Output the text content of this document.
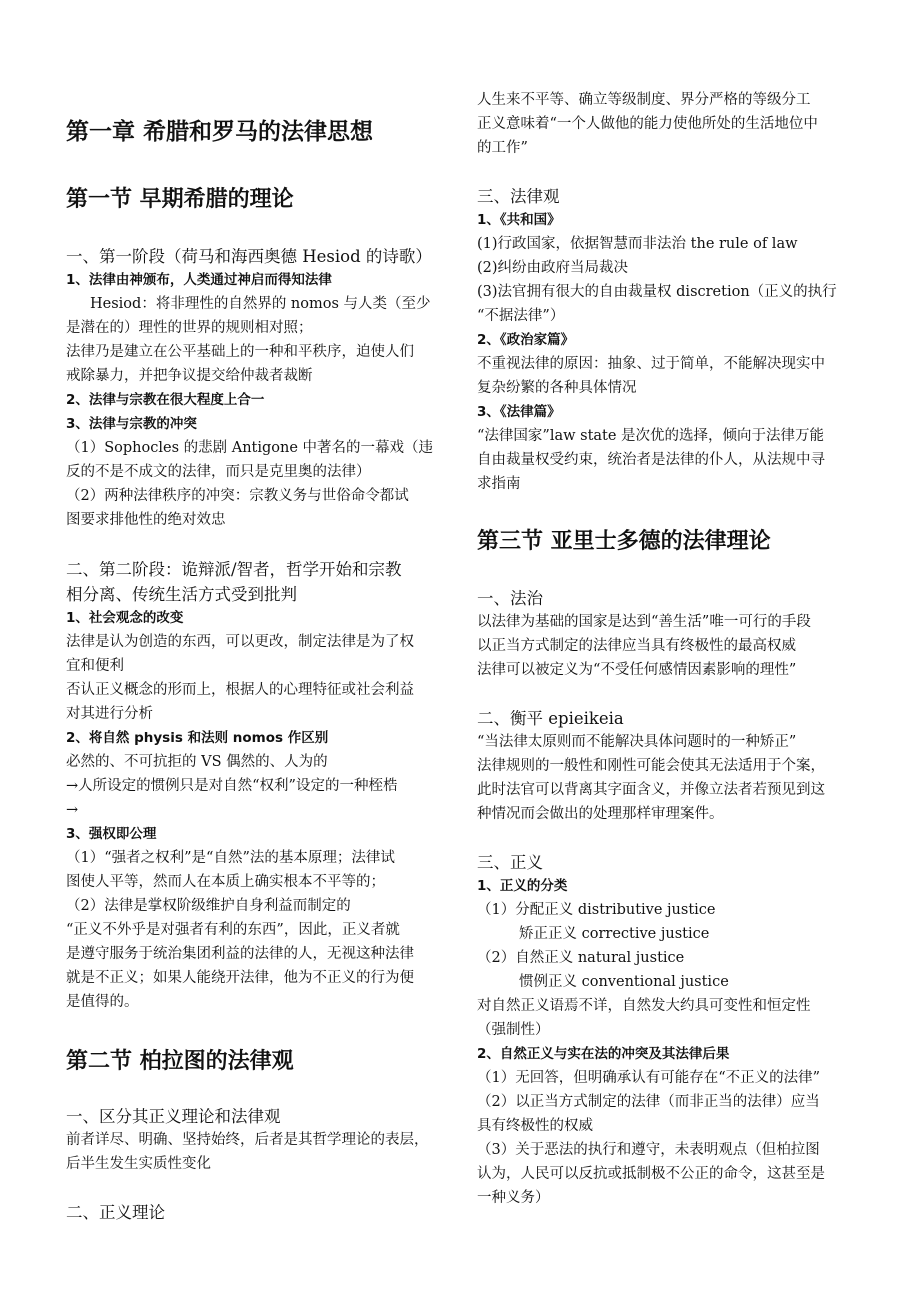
第一章 希腊和罗马的法律思想
第一节 早期希腊的理论
一、第一阶段（荷马和海西奥德 Hesiod 的诗歌）
1、法律由神颁布，人类通过神启而得知法律
Hesiod：将非理性的自然界的 nomos 与人类（至少
是潜在的）理性的世界的规则相对照；
法律乃是建立在公平基础上的一种和平秩序，迫使人们
戒除暴力，并把争议提交给仲裁者裁断
2、法律与宗教在很大程度上合一
3、法律与宗教的冲突
（1）Sophocles 的悲剧 Antigone 中著名的一幕戏（违
反的不是不成文的法律，而只是克里奥的法律）
（2）两种法律秩序的冲突：宗教义务与世俗命令都试
图要求排他性的绝对效忠
二、第二阶段：诡辩派/智者，哲学开始和宗教
相分离、传统生活方式受到批判
1、社会观念的改变
法律是认为创造的东西，可以更改，制定法律是为了权
宜和便利
否认正义概念的形而上，根据人的心理特征或社会利益
对其进行分析
2、将自然 physis 和法则 nomos 作区别
必然的、不可抗拒的 VS 偶然的、人为的
→人所设定的惯例只是对自然“权利”设定的一种桎梏
→
3、强权即公理
（1）“强者之权利”是“自然”法的基本原理；法律试
图使人平等，然而人在本质上确实根本不平等的；
（2）法律是掌权阶级维护自身利益而制定的
“正义不外乎是对强者有利的东西”，因此，正义者就
是遵守服务于统治集团利益的法律的人，无视这种法律
就是不正义；如果人能绕开法律，他为不正义的行为便
是值得的。
第二节 柏拉图的法律观
一、区分其正义理论和法律观
前者详尽、明确、坚持始终，后者是其哲学理论的表层，
后半生发生实质性变化
二、正义理论
人生来不平等、确立等级制度、界分严格的等级分工
正义意味着“一个人做他的能力使他所处的生活地位中
的工作”
三、法律观
1、《共和国》
(1)行政国家，依据智慧而非法治 the rule of law
(2)纠纷由政府当局裁决
(3)法官拥有很大的自由裁量权 discretion（正义的执行
“不据法律”）
2、《政治家篇》
不重视法律的原因：抽象、过于简单，不能解决现实中
复杂纷繁的各种具体情况
3、《法律篇》
“法律国家”law state 是次优的选择，倾向于法律万能
自由裁量权受约束，统治者是法律的仆人，从法规中寻
求指南
第三节 亚里士多德的法律理论
一、法治
以法律为基础的国家是达到“善生活”唯一可行的手段
以正当方式制定的法律应当具有终极性的最高权威
法律可以被定义为“不受任何感情因素影响的理性”
二、衡平 epieikeia
“当法律太原则而不能解决具体问题时的一种矫正”
法律规则的一般性和刚性可能会使其无法适用于个案，
此时法官可以背离其字面含义，并像立法者若预见到这
种情况而会做出的处理那样审理案件。
三、正义
1、正义的分类
（1）分配正义 distributive justice
矫正正义 corrective justice
（2）自然正义 natural justice
惯例正义 conventional justice
对自然正义语焉不详，自然发大约具可变性和恒定性
（强制性）
2、自然正义与实在法的冲突及其法律后果
（1）无回答，但明确承认有可能存在“不正义的法律”
（2）以正当方式制定的法律（而非正当的法律）应当
具有终极性的权威
（3）关于恶法的执行和遵守，未表明观点（但柏拉图
认为，人民可以反抗或抵制极不公正的命令，这甚至是
一种义务）
